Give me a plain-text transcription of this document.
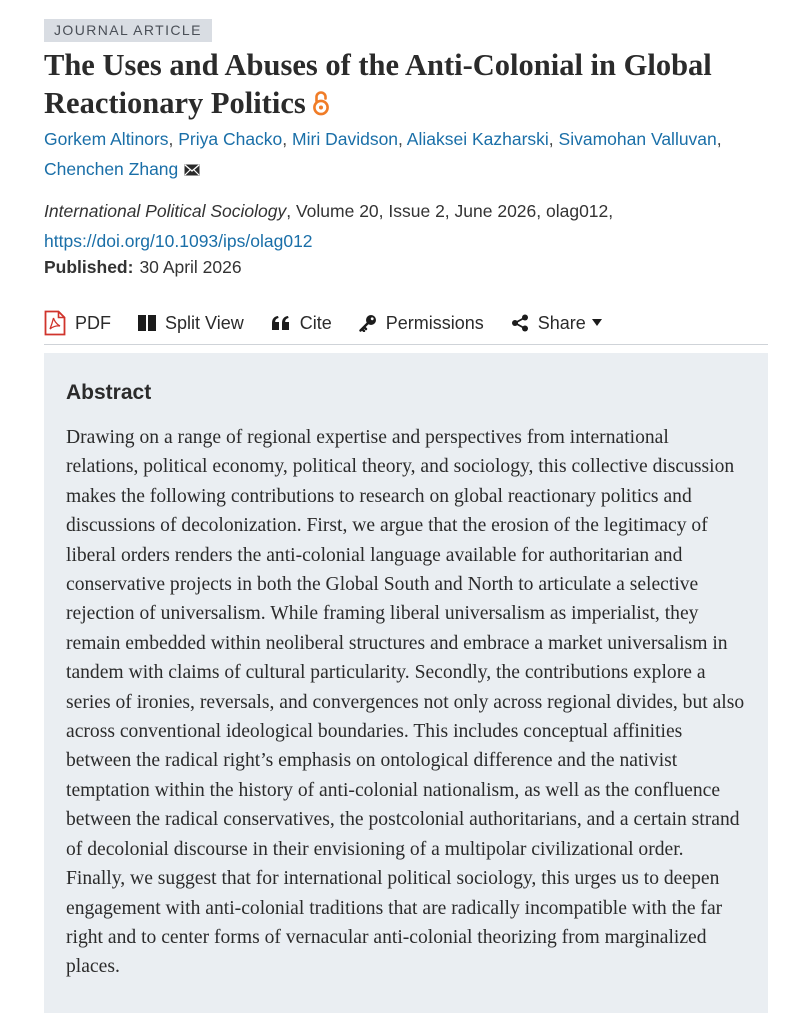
JOURNAL ARTICLE
The Uses and Abuses of the Anti-Colonial in Global Reactionary Politics
Gorkem Altinors, Priya Chacko, Miri Davidson, Aliaksei Kazharski, Sivamohan Valluvan, Chenchen Zhang
International Political Sociology, Volume 20, Issue 2, June 2026, olag012,
https://doi.org/10.1093/ips/olag012
Published: 30 April 2026
PDF	Split View	Cite	Permissions	Share
Abstract

Drawing on a range of regional expertise and perspectives from international relations, political economy, political theory, and sociology, this collective discussion makes the following contributions to research on global reactionary politics and discussions of decolonization. First, we argue that the erosion of the legitimacy of liberal orders renders the anti-colonial language available for authoritarian and conservative projects in both the Global South and North to articulate a selective rejection of universalism. While framing liberal universalism as imperialist, they remain embedded within neoliberal structures and embrace a market universalism in tandem with claims of cultural particularity. Secondly, the contributions explore a series of ironies, reversals, and convergences not only across regional divides, but also across conventional ideological boundaries. This includes conceptual affinities between the radical right’s emphasis on ontological difference and the nativist temptation within the history of anti-colonial nationalism, as well as the confluence between the radical conservatives, the postcolonial authoritarians, and a certain strand of decolonial discourse in their envisioning of a multipolar civilizational order. Finally, we suggest that for international political sociology, this urges us to deepen engagement with anti-colonial traditions that are radically incompatible with the far right and to center forms of vernacular anti-colonial theorizing from marginalized places.
